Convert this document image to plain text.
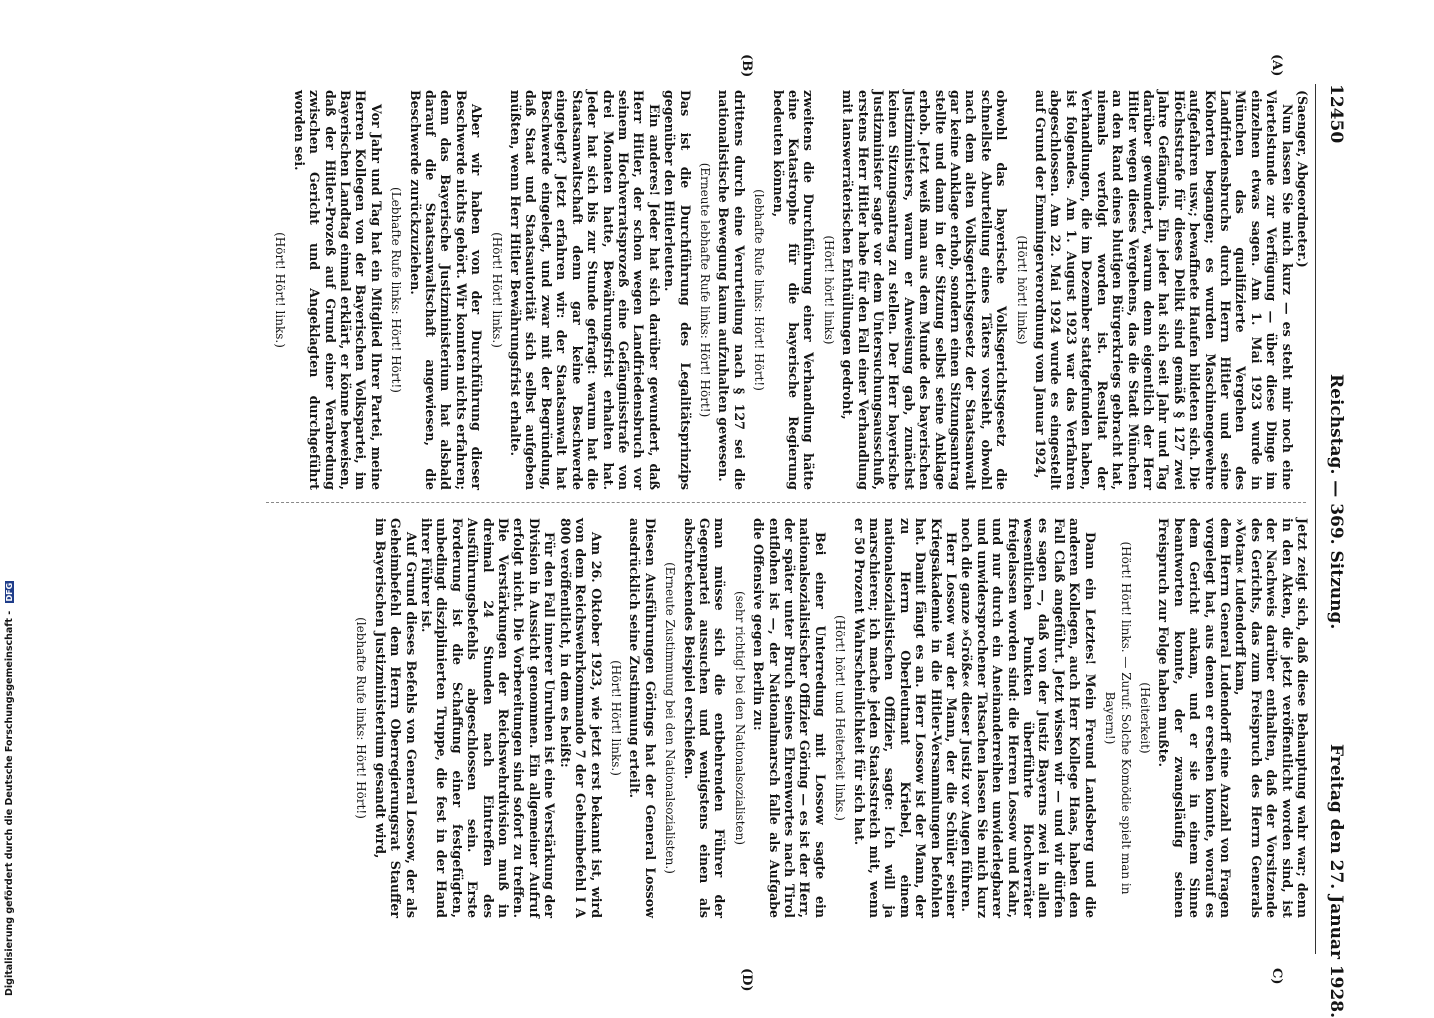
12450
Reichstag. — 369. Sitzung.
Freitag den 27. Januar 1928.
(A)
(B)
C)
(D)

(Saenger, Abgeordneter.)

Nun lassen Sie mich kurz — es steht mir noch eine Viertelstunde zur Verfügung — über diese Dinge im einzelnen etwas sagen. Am 1. Mai 1923 wurde in München das qualifizierte Vergehen des Landfriedensbruchs durch Herrn Hitler und seine Kohorten begangen; es wurden Maschinengewehre aufgefahren usw.; bewaffnete Haufen bildeten sich. Die Höchststrafe für dieses Delikt sind gemäß § 127 zwei Jahre Gefängnis. Ein jeder hat sich seit Jahr und Tag darüber gewundert, warum denn eigentlich der Herr Hitler wegen dieses Vergehens, das die Stadt München an den Rand eines blutigen Bürgerkriegs gebracht hat, niemals verfolgt worden ist. Resultat der Verhandlungen, die im Dezember stattgefunden haben, ist folgendes. Am 1. August 1923 war das Verfahren abgeschlossen. Am 22. Mai 1924 wurde es eingestellt auf Grund der Emmingerverordnung vom Januar 1924,

(Hört! hört! links)

obwohl das bayerische Volksgerichtsgesetz die schnellste Aburteilung eines Täters vorsieht, obwohl nach dem alten Volksgerichtsgesetz der Staatsanwalt gar keine Anklage erhob, sondern einen Sitzungsantrag stellte und dann in der Sitzung selbst seine Anklage erhob. Jetzt weiß man aus dem Munde des bayerischen Justizministers, warum er Anweisung gab, zunächst keinen Sitzungsantrag zu stellen. Der Herr bayerische Justizminister sagte vor dem Untersuchungsausschuß, erstens Herr Hitler habe für den Fall einer Verhandlung mit lanswerräterischen Enthüllungen gedroht,

(Hört! hört! links)

zweitens die Durchführung einer Verhandlung hätte eine Katastrophe für die bayerische Regierung bedeuten können,

(lebhafte Rufe links: Hört! Hört!)

drittens durch eine Verurteilung nach § 127 sei die nationalistische Bewegung kaum aufzuhalten gewesen.

(Erneute lebhafte Rufe links: Hört! Hört!)

Das ist die Durchführung des Legalitätsprinzips gegenüber den Hitlerleuten.

Ein anderes! Jeder hat sich darüber gewundert, daß Herr Hitler, der schon wegen Landfriedensbruch vor seinem Hochverratsprozeß eine Gefängnisstrafe von drei Monaten hatte, Bewährungsfrist erhalten hat. Jeder hat sich bis zur Stunde gefragt: warum hat die Staatsanwaltschaft denn gar keine Beschwerde eingelegt? Jetzt erfahren wir: der Staatsanwalt hat Beschwerde eingelegt, und zwar mit der Begründung, daß Staat und Staatsautorität sich selbst aufgeben müßten, wenn Herr Hitler Bewährungsfrist erhalte.

(Hört! Hört! links.)

Aber wir haben von der Durchführung dieser Beschwerde nichts gehört. Wir konnten nichts erfahren; denn das Bayerische Justizministerium hat alsbald darauf die Staatsanwaltschaft angewiesen, die Beschwerde zurückzuziehen.

(Lebhafte Rufe links: Hört! Hört!)

Vor Jahr und Tag hat ein Mitglied Ihrer Partei, meine Herren Kollegen von der Bayerischen Volkspartei, im Bayerischen Landtag einmal erklärt, er könne beweisen, daß der Hitler-Prozeß auf Grund einer Verabredung zwischen Gericht und Angeklagten durchgeführt worden sei.

(Hört! Hört! links.)

Jetzt zeigt sich, daß diese Behauptung wahr war; denn in den Akten, die jetzt veröffentlicht worden sind, ist der Nachweis darüber enthalten, daß der Vorsitzende des Gerichts, das zum Freispruch des Herrn Generals »Votan« Ludendorff kam,

dem Herrn General Ludendorff eine Anzahl von Fragen vorgelegt hat, aus denen er ersehen konnte, worauf es dem Gericht ankam, und er sie in einem Sinne beantworten konnte, der zwangsläufig seinen Freispruch zur Folge haben mußte.

(Heiterkeit)

(Hört! Hört! links. — Zuruf: Solche Komödie spielt man in Bayern!)

Dann ein Letztes! Mein Freund Landsberg und die anderen Kollegen, auch Herr Kollege Haas, haben den Fall Claß angeführt. Jetzt wissen wir — und wir dürfen es sagen —, daß von der Justiz Bayerns zwei in allen wesentlichen Punkten überführte Hochverräter freigelassen worden sind: die Herren Lossow und Kahr, und nur durch ein Aneinanderreihen unwiderlegbarer und unwidersprochener Tatsachen lassen Sie mich kurz noch die ganze »Größe« dieser Justiz vor Augen führen.

Herr Lossow war der Mann, der die Schüler seiner Kriegsakademie in die Hitler-Versammlungen befohlen hat. Damit fängt es an. Herr Lossow ist der Mann, der zu Herrn Oberleutnant Kriebel, einem nationalsozialistischen Offizier, sagte: Ich will ja marschieren; ich mache jeden Staatsstreich mit, wenn er 50 Prozent Wahrscheinlichkeit für sich hat.

(Hört! hört! und Heiterkeit links.)

Bei einer Unterredung mit Lossow sagte ein nationalsozialistischer Offizier Göring — es ist der Herr, der später unter Bruch seines Ehrenwortes nach Tirol entflohen ist —, der Nationalmarsch falle als Aufgabe die Offensive gegen Berlin zu:

(sehr richtig! bei den Nationalsozialisten)

man müsse sich die entbehrenden Führer der Gegenpartei aussuchen und wenigstens einen als abschreckendes Beispiel erschießen.

(Erneute Zustimmung bei den Nationalsozialisten.)

Diesen Ausführungen Görings hat der General Lossow ausdrücklich seine Zustimmung erteilt.

(Hört! Hört! links.)

Am 26. Oktober 1923, wie jetzt erst bekannt ist, wird von dem Reichswehrkommando 7 der Geheimbefehl I A 800 veröffentlicht, in dem es heißt:

Für den Fall innerer Unruhen ist eine Verstärkung der Division in Aussicht genommen. Ein allgemeiner Aufruf erfolgt nicht. Die Vorbereitungen sind sofort zu treffen. Die Verstärkungen der Reichswehrdivision muß in dreimal 24 Stunden nach Eintreffen des Ausführungsbefehls abgeschlossen sein. Erste Forderung ist die Schaffung einer festgefügten, unbedingt disziplinierten Truppe, die fest in der Hand ihrer Führer ist.

Auf Grund dieses Befehls von General Lossow, der als Geheimbefehl dem Herrn Oberregierungsrat Stauffer im Bayerischen Justizministerium gesandt wird,

(lebhafte Rufe links: Hört! Hört!)

Digitalisierung gefördert durch die Deutsche Forschungsgemeinschaft - DFG
